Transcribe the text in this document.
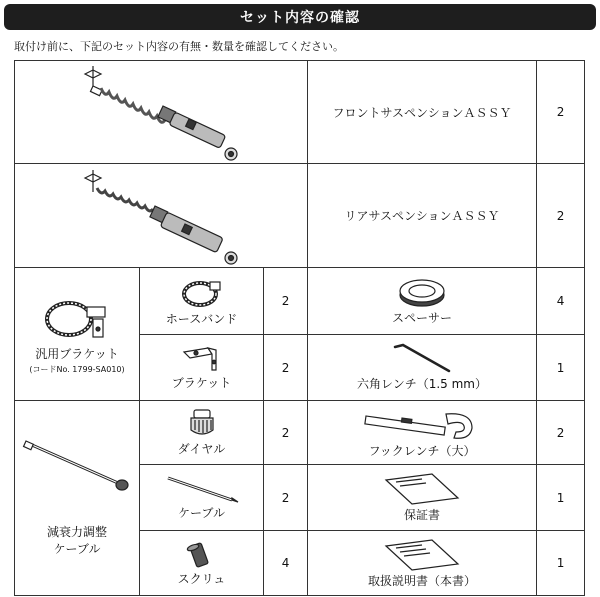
セット内容の確認
取付け前に、下記のセット内容の有無・数量を確認してください。

フロントサスペンションＡＳＳＹ	2

リアサスペンションＡＳＳＹ	2

汎用ブラケット
(コードNo. 1799-SA010)	ホースバンド	2	スペーサー	4

	ブラケット	2	六角レンチ（1.5 mm）	1

減衰力調整
ケーブル	ダイヤル	2	フックレンチ（大）	2

	ケーブル	2	保証書	1

	スクリュ	4	取扱説明書（本書）	1
